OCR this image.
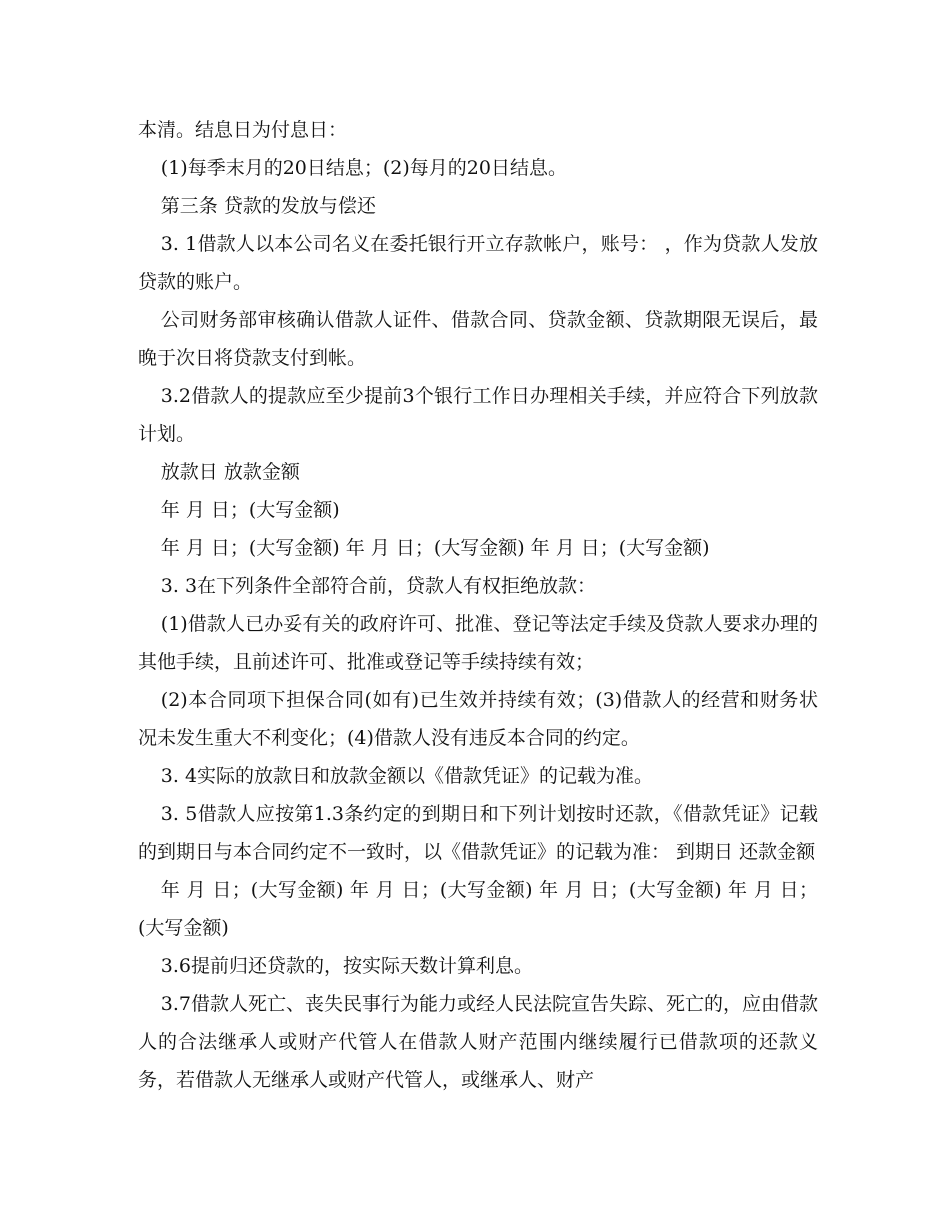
本清。结息日为付息日：

(1)每季末月的20日结息；(2)每月的20日结息。

第三条 贷款的发放与偿还

3. 1借款人以本公司名义在委托银行开立存款帐户，账号： ，作为贷款人发放贷款的账户。

公司财务部审核确认借款人证件、借款合同、贷款金额、贷款期限无误后，最晚于次日将贷款支付到帐。

3.2借款人的提款应至少提前3个银行工作日办理相关手续，并应符合下列放款计划。

放款日 放款金额

年 月 日；(大写金额)

年 月 日；(大写金额) 年 月 日；(大写金额) 年 月 日；(大写金额)

3. 3在下列条件全部符合前，贷款人有权拒绝放款：

(1)借款人已办妥有关的政府许可、批准、登记等法定手续及贷款人要求办理的其他手续，且前述许可、批准或登记等手续持续有效；

(2)本合同项下担保合同(如有)已生效并持续有效；(3)借款人的经营和财务状况未发生重大不利变化；(4)借款人没有违反本合同的约定。

3. 4实际的放款日和放款金额以《借款凭证》的记载为准。

3. 5借款人应按第1.3条约定的到期日和下列计划按时还款，《借款凭证》记载的到期日与本合同约定不一致时，以《借款凭证》的记载为准： 到期日 还款金额

年 月 日；(大写金额) 年 月 日；(大写金额) 年 月 日；(大写金额) 年 月 日；(大写金额)

3.6提前归还贷款的，按实际天数计算利息。

3.7借款人死亡、丧失民事行为能力或经人民法院宣告失踪、死亡的，应由借款人的合法继承人或财产代管人在借款人财产范围内继续履行已借款项的还款义务，若借款人无继承人或财产代管人，或继承人、财产
